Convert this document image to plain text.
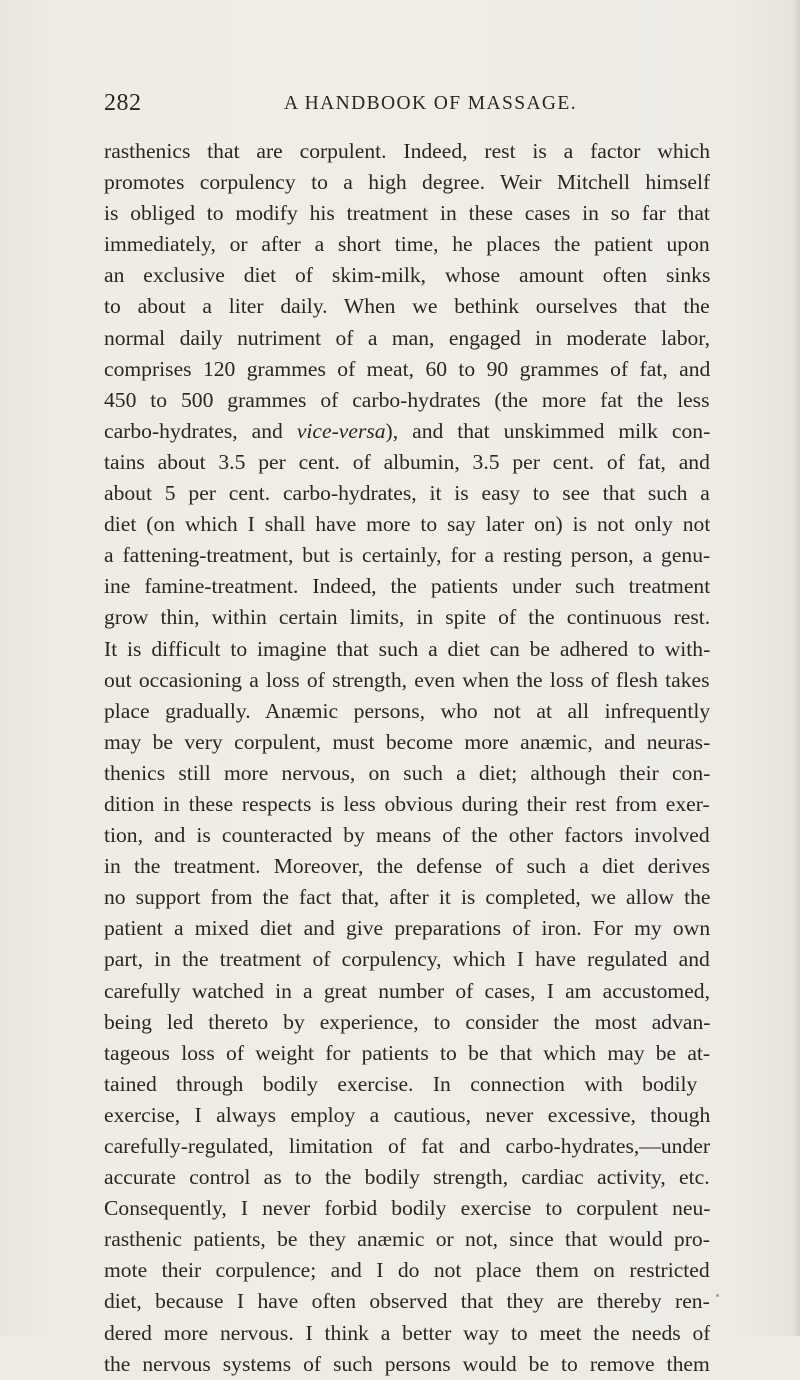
282	A HANDBOOK OF MASSAGE.
rasthenics that are corpulent. Indeed, rest is a factor which
promotes corpulency to a high degree. Weir Mitchell himself
is obliged to modify his treatment in these cases in so far that
immediately, or after a short time, he places the patient upon
an exclusive diet of skim-milk, whose amount often sinks
to about a liter daily. When we bethink ourselves that the
normal daily nutriment of a man, engaged in moderate labor,
comprises 120 grammes of meat, 60 to 90 grammes of fat, and
450 to 500 grammes of carbo-hydrates (the more fat the less
carbo-hydrates, and vice-versa), and that unskimmed milk con-
tains about 3.5 per cent. of albumin, 3.5 per cent. of fat, and
about 5 per cent. carbo-hydrates, it is easy to see that such a
diet (on which I shall have more to say later on) is not only not
a fattening-treatment, but is certainly, for a resting person, a genu-
ine famine-treatment. Indeed, the patients under such treatment
grow thin, within certain limits, in spite of the continuous rest.
It is difficult to imagine that such a diet can be adhered to with-
out occasioning a loss of strength, even when the loss of flesh takes
place gradually. Anæmic persons, who not at all infrequently
may be very corpulent, must become more anæmic, and neuras-
thenics still more nervous, on such a diet; although their con-
dition in these respects is less obvious during their rest from exer-
tion, and is counteracted by means of the other factors involved
in the treatment. Moreover, the defense of such a diet derives
no support from the fact that, after it is completed, we allow the
patient a mixed diet and give preparations of iron. For my own
part, in the treatment of corpulency, which I have regulated and
carefully watched in a great number of cases, I am accustomed,
being led thereto by experience, to consider the most advan-
tageous loss of weight for patients to be that which may be at-
tained through bodily exercise. In connection with bodily
exercise, I always employ a cautious, never excessive, though
carefully-regulated, limitation of fat and carbo-hydrates,—under
accurate control as to the bodily strength, cardiac activity, etc.
Consequently, I never forbid bodily exercise to corpulent neu-
rasthenic patients, be they anæmic or not, since that would pro-
mote their corpulence; and I do not place them on restricted
diet, because I have often observed that they are thereby ren-
dered more nervous. I think a better way to meet the needs of
the nervous systems of such persons would be to remove them
